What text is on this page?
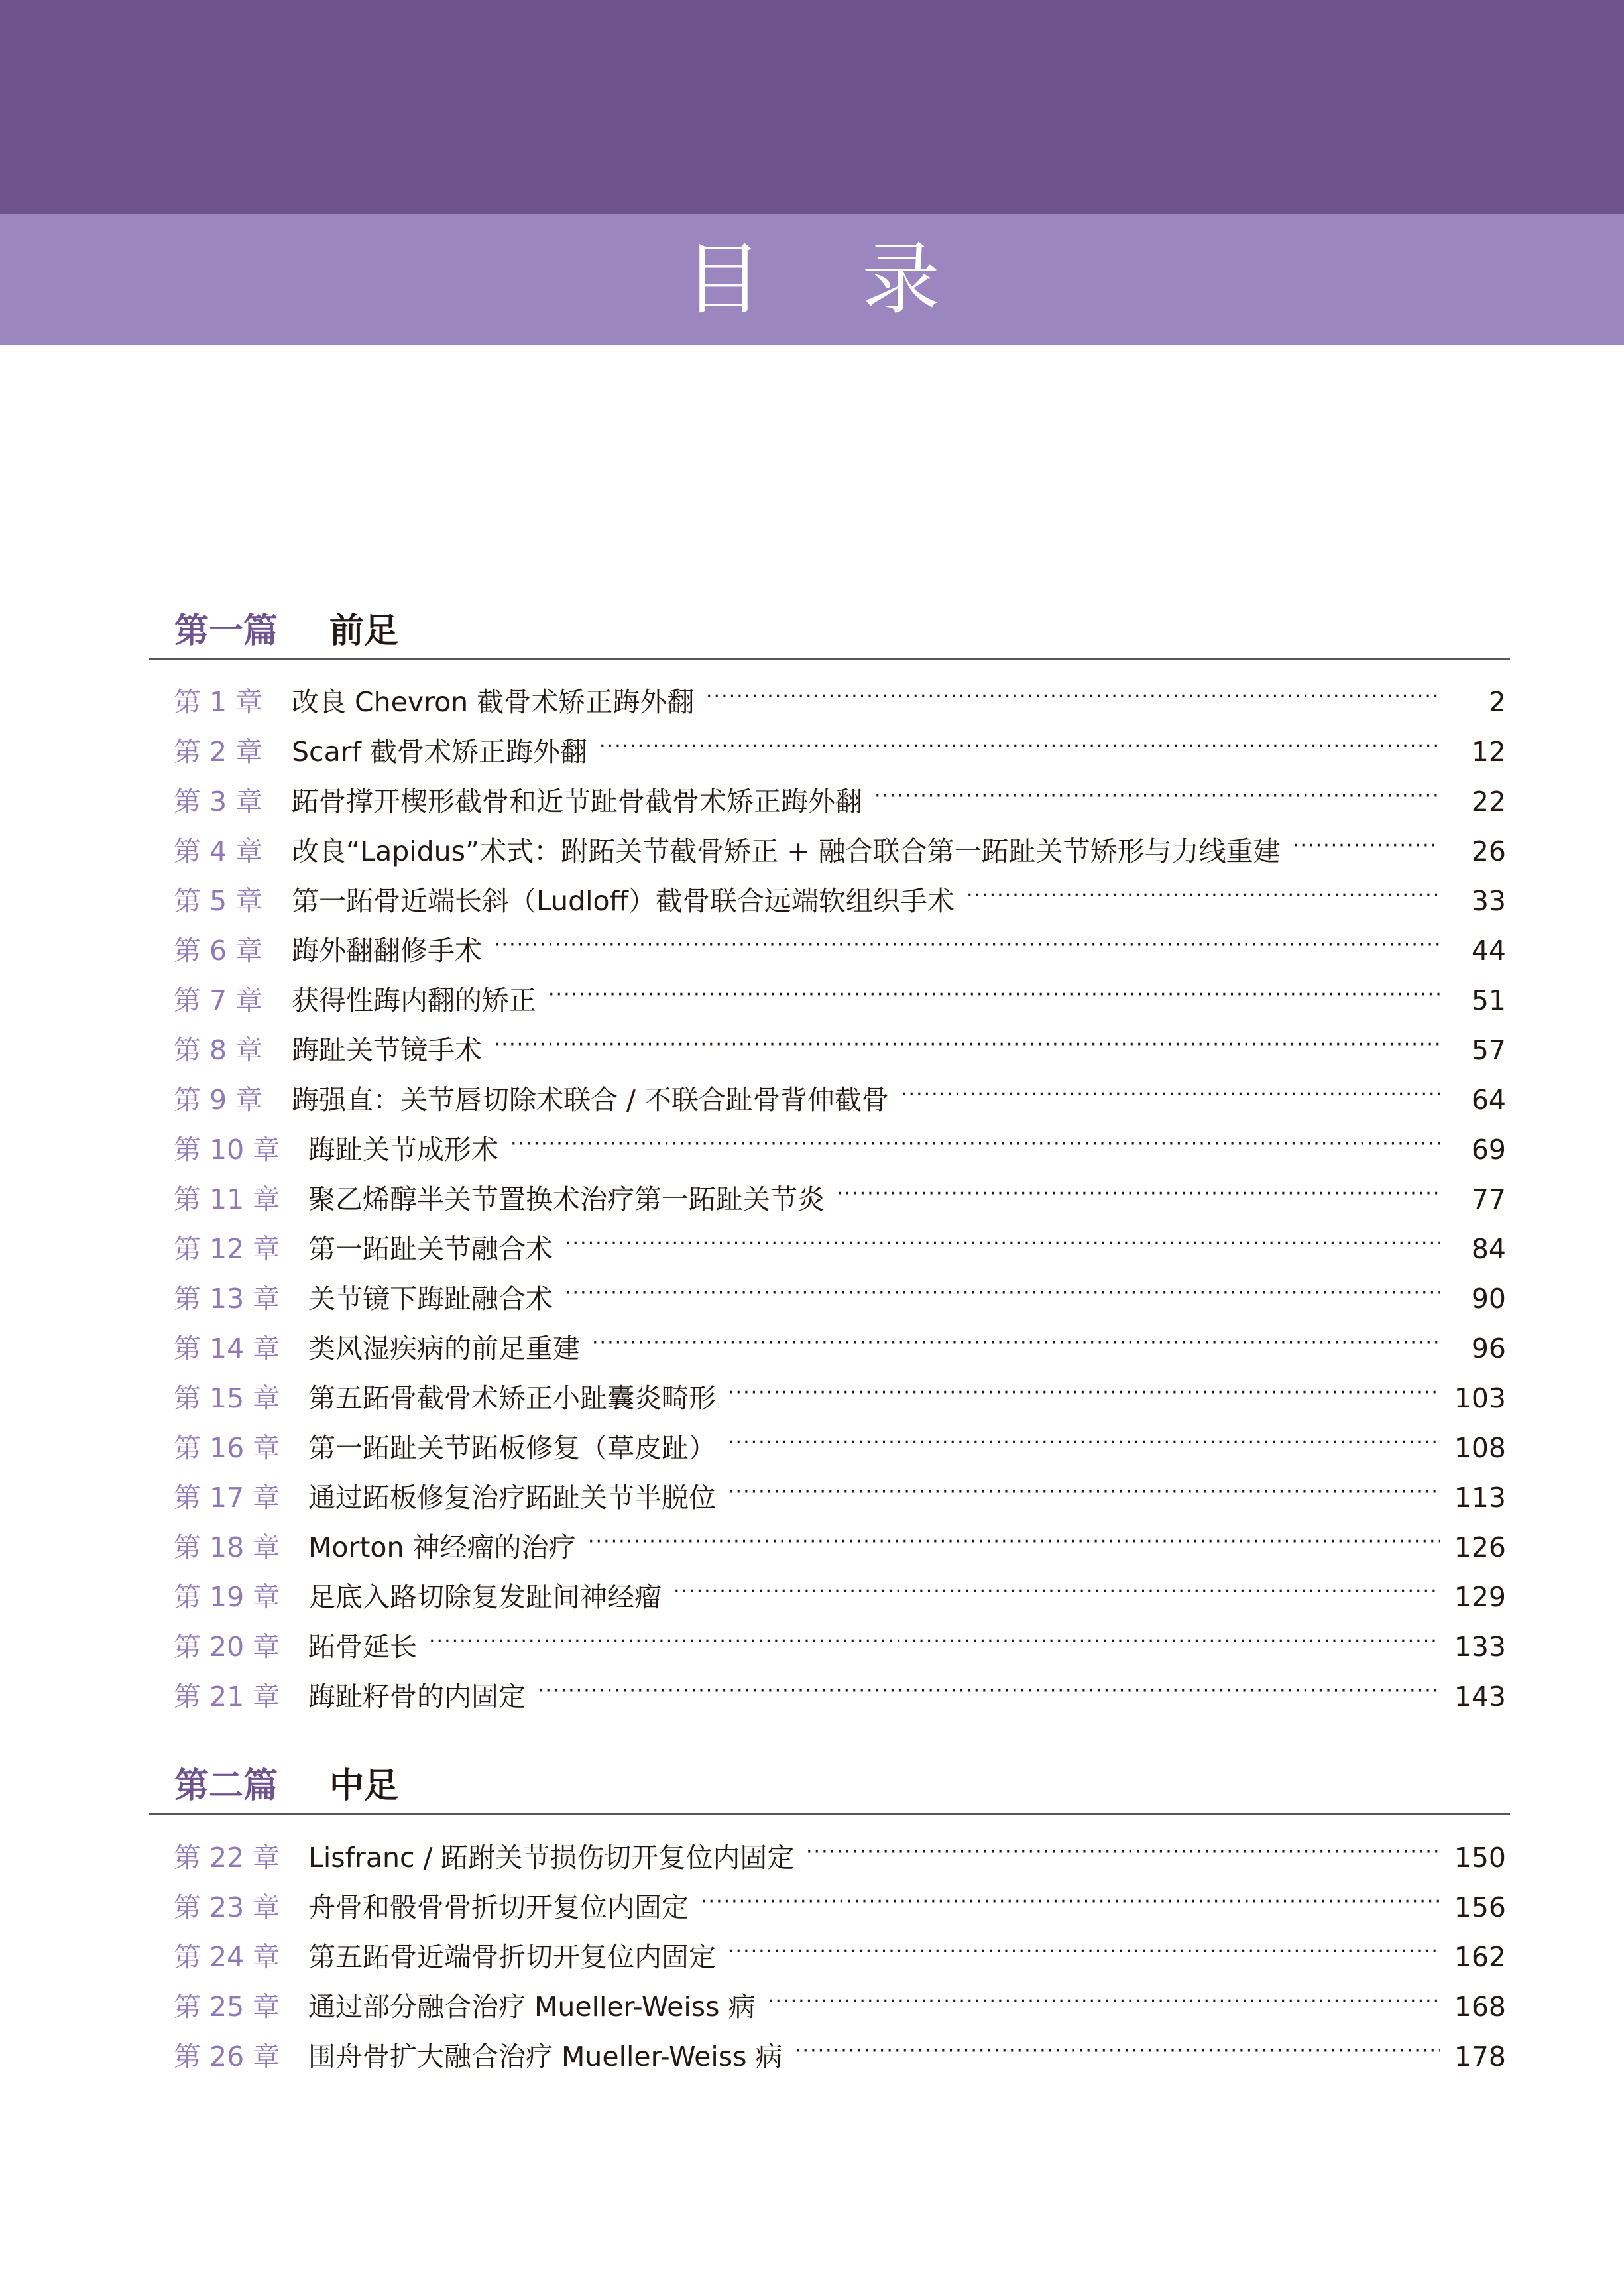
目录
第一篇 前足
第二篇 中足
第 1 章 改良 Chevron 截骨术矫正踇外翻 ·····	2
第 2 章 Scarf 截骨术矫正踇外翻 ·····	12
第 3 章 跖骨撑开楔形截骨和近节趾骨截骨术矫正踇外翻 ·····	22
第 4 章 改良“Lapidus”术式：跗跖关节截骨矫正 + 融合联合第一跖趾关节矫形与力线重建 ·····	26
第 5 章 第一跖骨近端长斜（Ludloff）截骨联合远端软组织手术 ·····	33
第 6 章 踇外翻翻修手术 ·····	44
第 7 章 获得性踇内翻的矫正 ·····	51
第 8 章 踇趾关节镜手术 ·····	57
第 9 章 踇强直：关节唇切除术联合 / 不联合趾骨背伸截骨 ·····	64
第 10 章 踇趾关节成形术 ·····	69
第 11 章 聚乙烯醇半关节置换术治疗第一跖趾关节炎 ·····	77
第 12 章 第一跖趾关节融合术 ·····	84
第 13 章 关节镜下踇趾融合术 ·····	90
第 14 章 类风湿疾病的前足重建 ·····	96
第 15 章 第五跖骨截骨术矫正小趾囊炎畸形 ·····	103
第 16 章 第一跖趾关节跖板修复（草皮趾） ·····	108
第 17 章 通过跖板修复治疗跖趾关节半脱位 ·····	113
第 18 章 Morton 神经瘤的治疗 ·····	126
第 19 章 足底入路切除复发趾间神经瘤 ·····	129
第 20 章 跖骨延长 ·····	133
第 21 章 踇趾籽骨的内固定 ·····	143
第 22 章 Lisfranc / 跖跗关节损伤切开复位内固定 ·····	150
第 23 章 舟骨和骰骨骨折切开复位内固定 ·····	156
第 24 章 第五跖骨近端骨折切开复位内固定 ·····	162
第 25 章 通过部分融合治疗 Mueller-Weiss 病 ·····	168
第 26 章 围舟骨扩大融合治疗 Mueller-Weiss 病 ·····	178
